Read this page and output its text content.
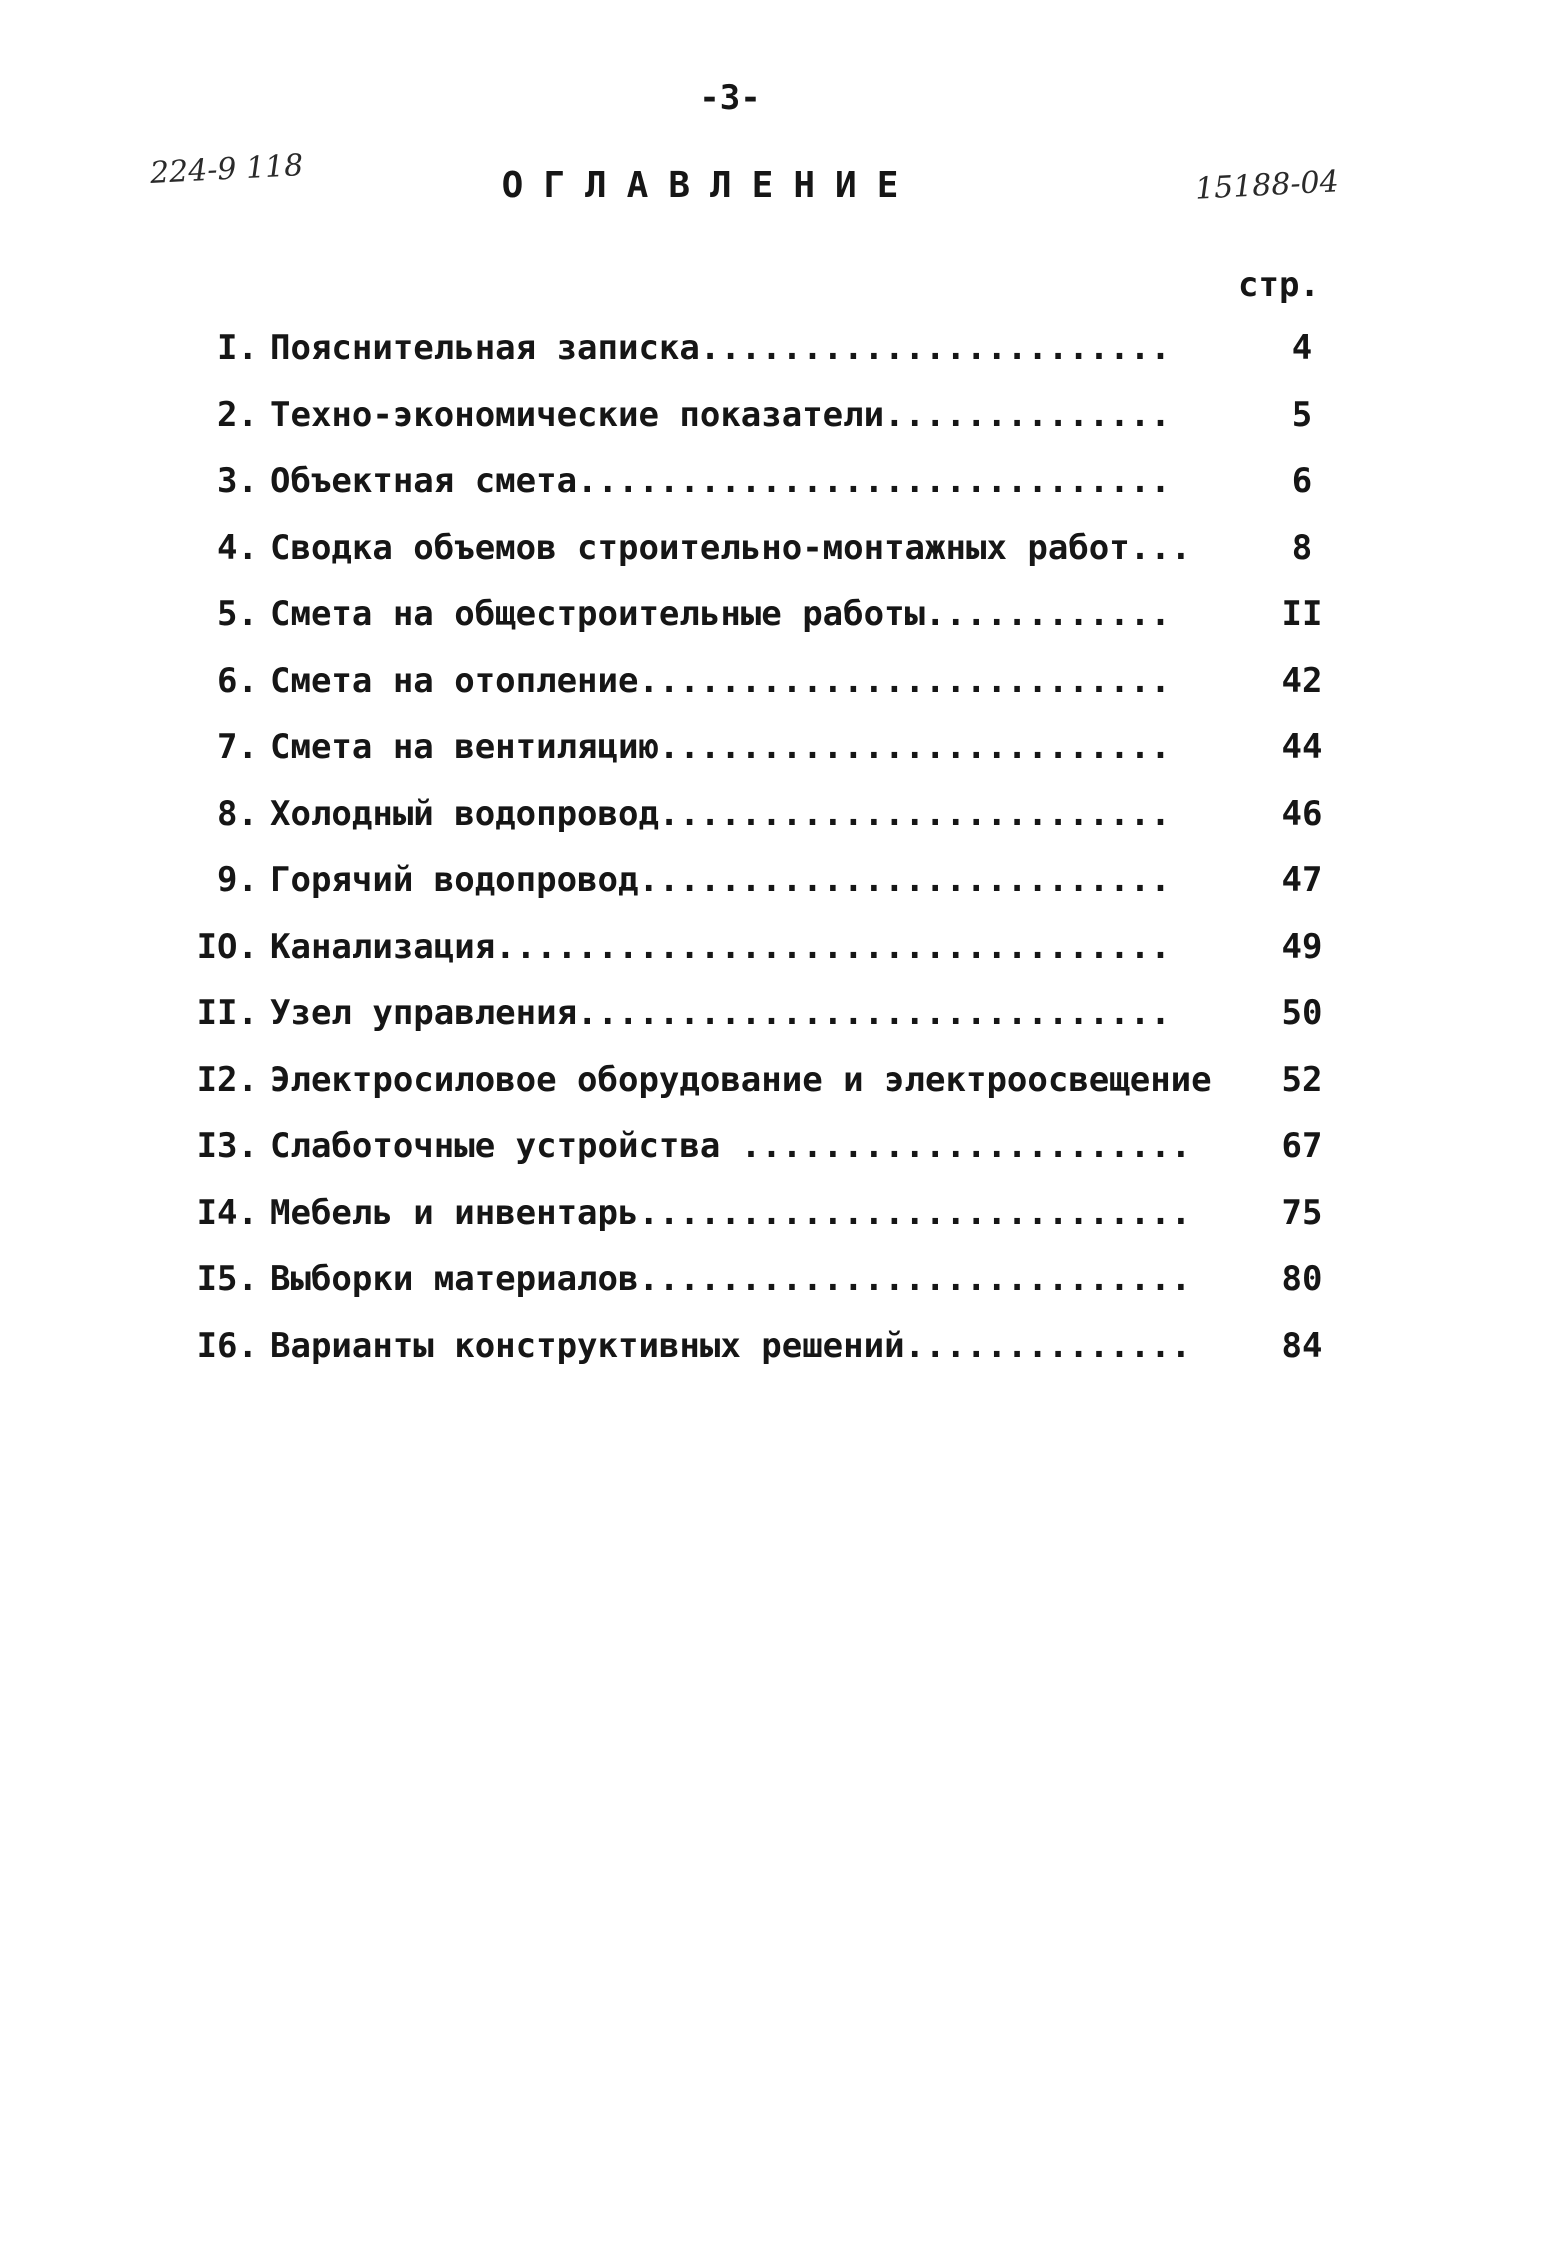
-3-
224-9 118	ОГЛАВЛЕНИЕ	15188-04
стр.
I. Пояснительная записка.......................	4
2. Техно-экономические показатели..............	5
3. Объектная смета.............................	6
4. Сводка объемов строительно-монтажных работ...	8
5. Смета на общестроительные работы............	II
6. Смета на отопление..........................	42
7. Смета на вентиляцию.........................	44
8. Холодный водопровод.........................	46
9. Горячий водопровод..........................	47
IO. Канализация.................................	49
II. Узел управления.............................	50
I2. Электросиловое оборудование и электроосвещение	52
I3. Слаботочные устройства ......................	67
I4. Мебель и инвентарь...........................	75
I5. Выборки материалов...........................	80
I6. Варианты конструктивных решений..............	84
